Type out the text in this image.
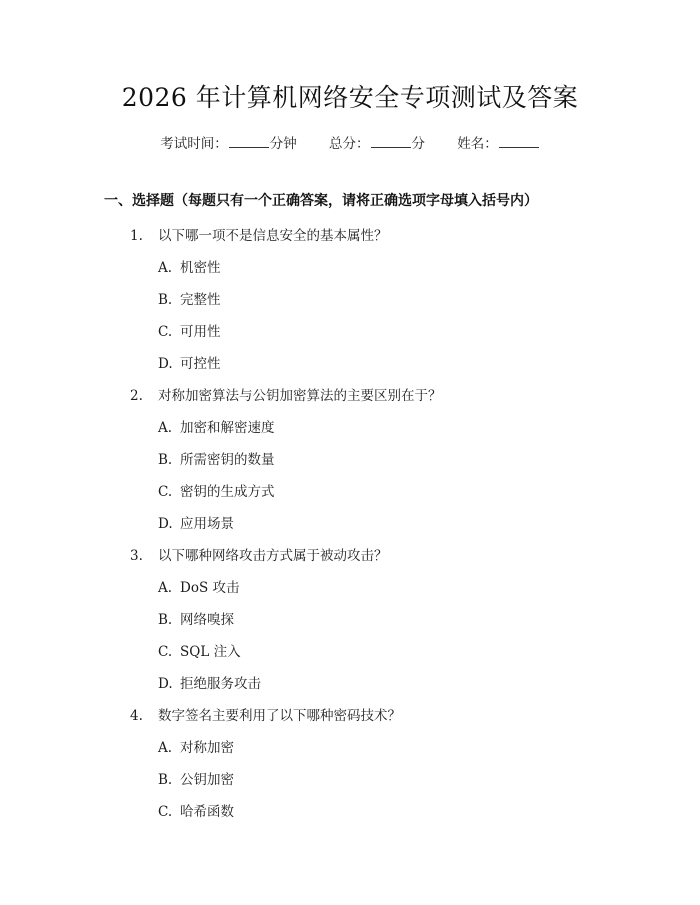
2026 年计算机网络安全专项测试及答案
考试时间：	分钟 总分：	分 姓名：
一、选择题（每题只有一个正确答案，请将正确选项字母填入括号内）
1. 以下哪一项不是信息安全的基本属性？
A. 机密性
B. 完整性
C. 可用性
D. 可控性
2. 对称加密算法与公钥加密算法的主要区别在于？
A. 加密和解密速度
B. 所需密钥的数量
C. 密钥的生成方式
D. 应用场景
3. 以下哪种网络攻击方式属于被动攻击？
A. DoS 攻击
B. 网络嗅探
C. SQL 注入
D. 拒绝服务攻击
4. 数字签名主要利用了以下哪种密码技术？
A. 对称加密
B. 公钥加密
C. 哈希函数
